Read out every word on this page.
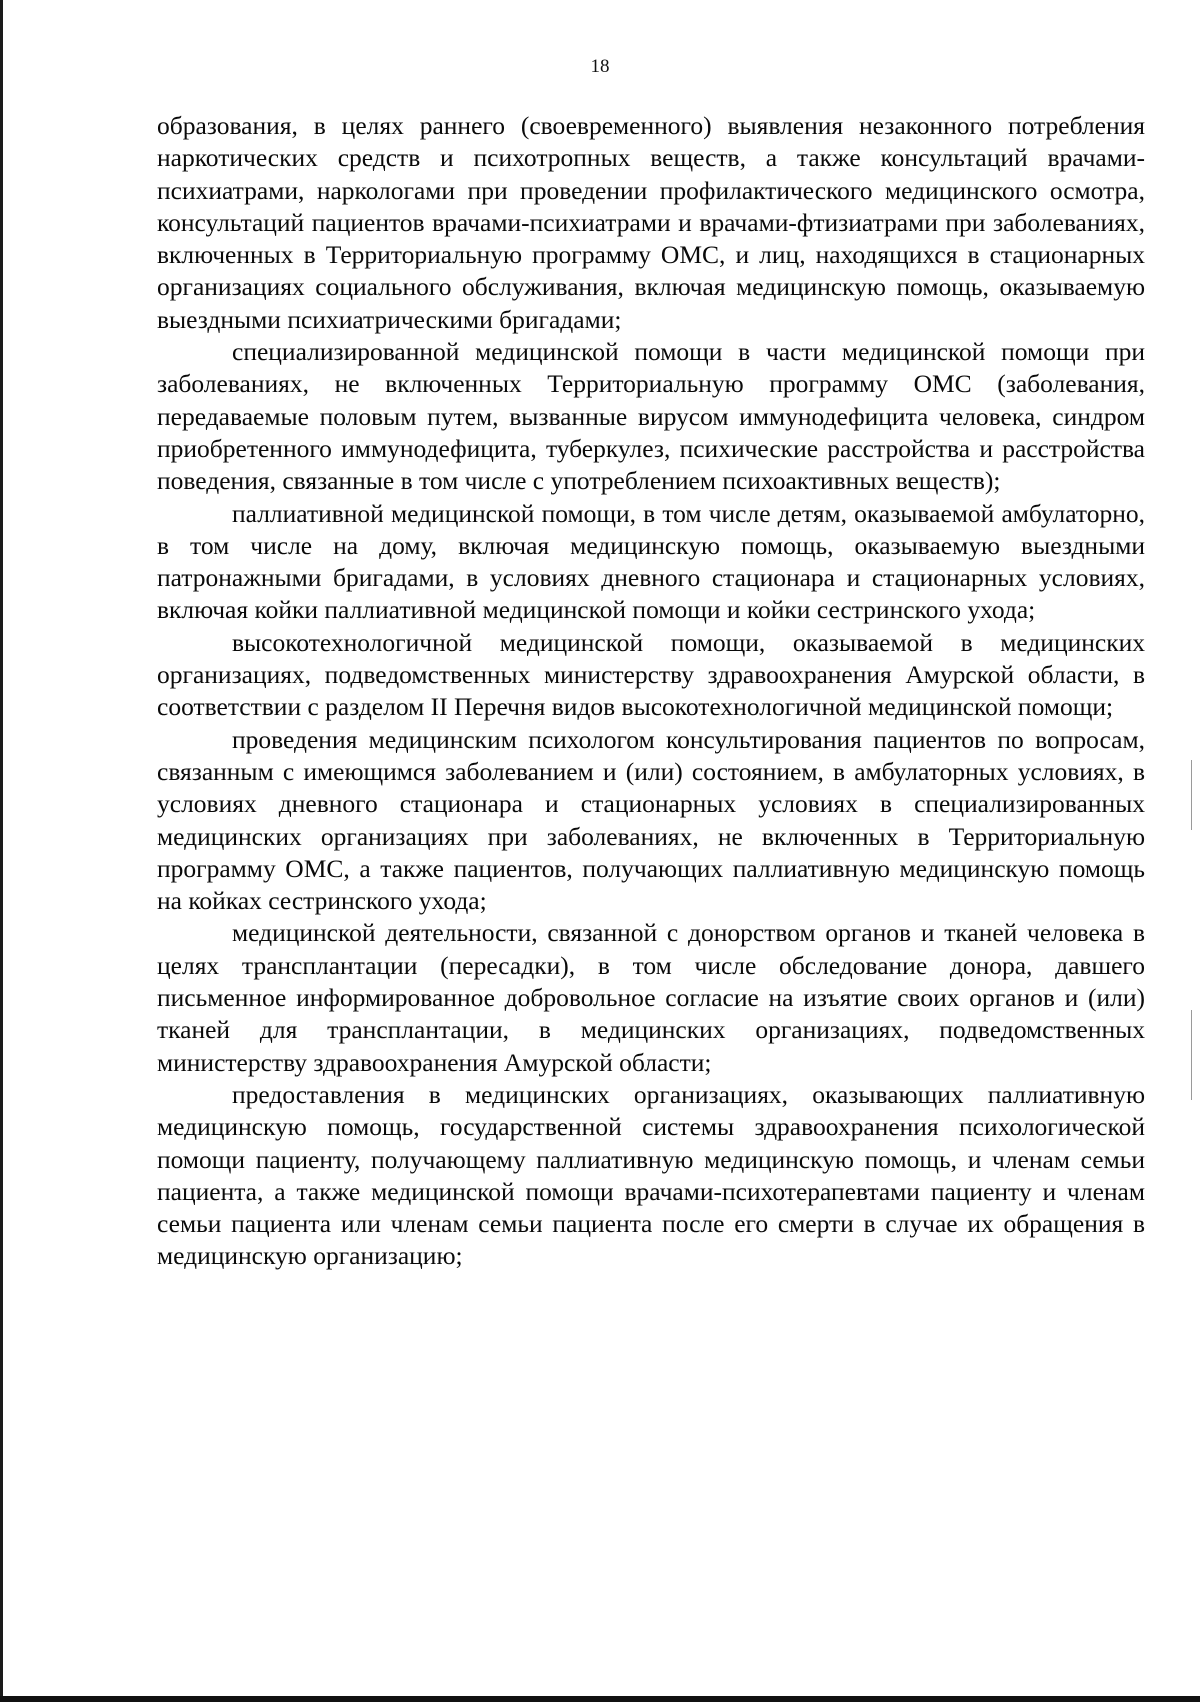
18

образования, в целях раннего (своевременного) выявления незаконного потребления наркотических средств и психотропных веществ, а также консультаций врачами-психиатрами, наркологами при проведении профилактического медицинского осмотра, консультаций пациентов врачами-психиатрами и врачами-фтизиатрами при заболеваниях, включенных в Территориальную программу ОМС, и лиц, находящихся в стационарных организациях социального обслуживания, включая медицинскую помощь, оказываемую выездными психиатрическими бригадами;

специализированной медицинской помощи в части медицинской помощи при заболеваниях, не включенных Территориальную программу ОМС (заболевания, передаваемые половым путем, вызванные вирусом иммунодефицита человека, синдром приобретенного иммунодефицита, туберкулез, психические расстройства и расстройства поведения, связанные в том числе с употреблением психоактивных веществ);

паллиативной медицинской помощи, в том числе детям, оказываемой амбулаторно, в том числе на дому, включая медицинскую помощь, оказываемую выездными патронажными бригадами, в условиях дневного стационара и стационарных условиях, включая койки паллиативной медицинской помощи и койки сестринского ухода;

высокотехнологичной медицинской помощи, оказываемой в медицинских организациях, подведомственных министерству здравоохранения Амурской области, в соответствии с разделом II Перечня видов высокотехнологичной медицинской помощи;

проведения медицинским психологом консультирования пациентов по вопросам, связанным с имеющимся заболеванием и (или) состоянием, в амбулаторных условиях, в условиях дневного стационара и стационарных условиях в специализированных медицинских организациях при заболеваниях, не включенных в Территориальную программу ОМС, а также пациентов, получающих паллиативную медицинскую помощь на койках сестринского ухода;

медицинской деятельности, связанной с донорством органов и тканей человека в целях трансплантации (пересадки), в том числе обследование донора, давшего письменное информированное добровольное согласие на изъятие своих органов и (или) тканей для трансплантации, в медицинских организациях, подведомственных министерству здравоохранения Амурской области;

предоставления в медицинских организациях, оказывающих паллиативную медицинскую помощь, государственной системы здравоохранения психологической помощи пациенту, получающему паллиативную медицинскую помощь, и членам семьи пациента, а также медицинской помощи врачами-психотерапевтами пациенту и членам семьи пациента или членам семьи пациента после его смерти в случае их обращения в медицинскую организацию;
